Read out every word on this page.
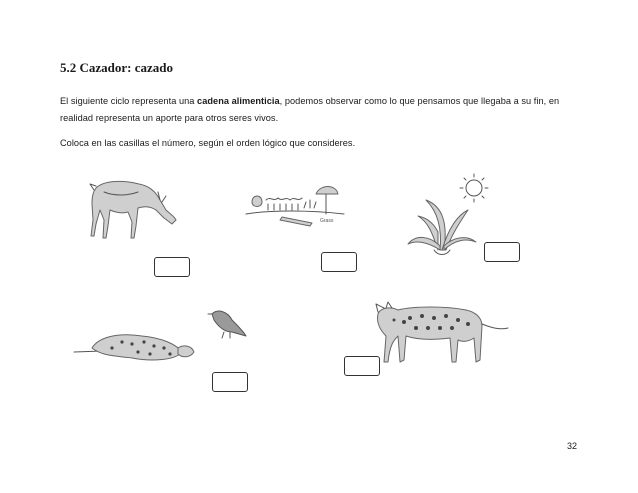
5.2 Cazador: cazado
El siguiente ciclo representa una cadena alimenticia, podemos observar como lo que pensamos que llegaba a su fin, en realidad representa un aporte para otros seres vivos.
Coloca en las casillas el número, según el orden lógico que consideres.
Grass
32
